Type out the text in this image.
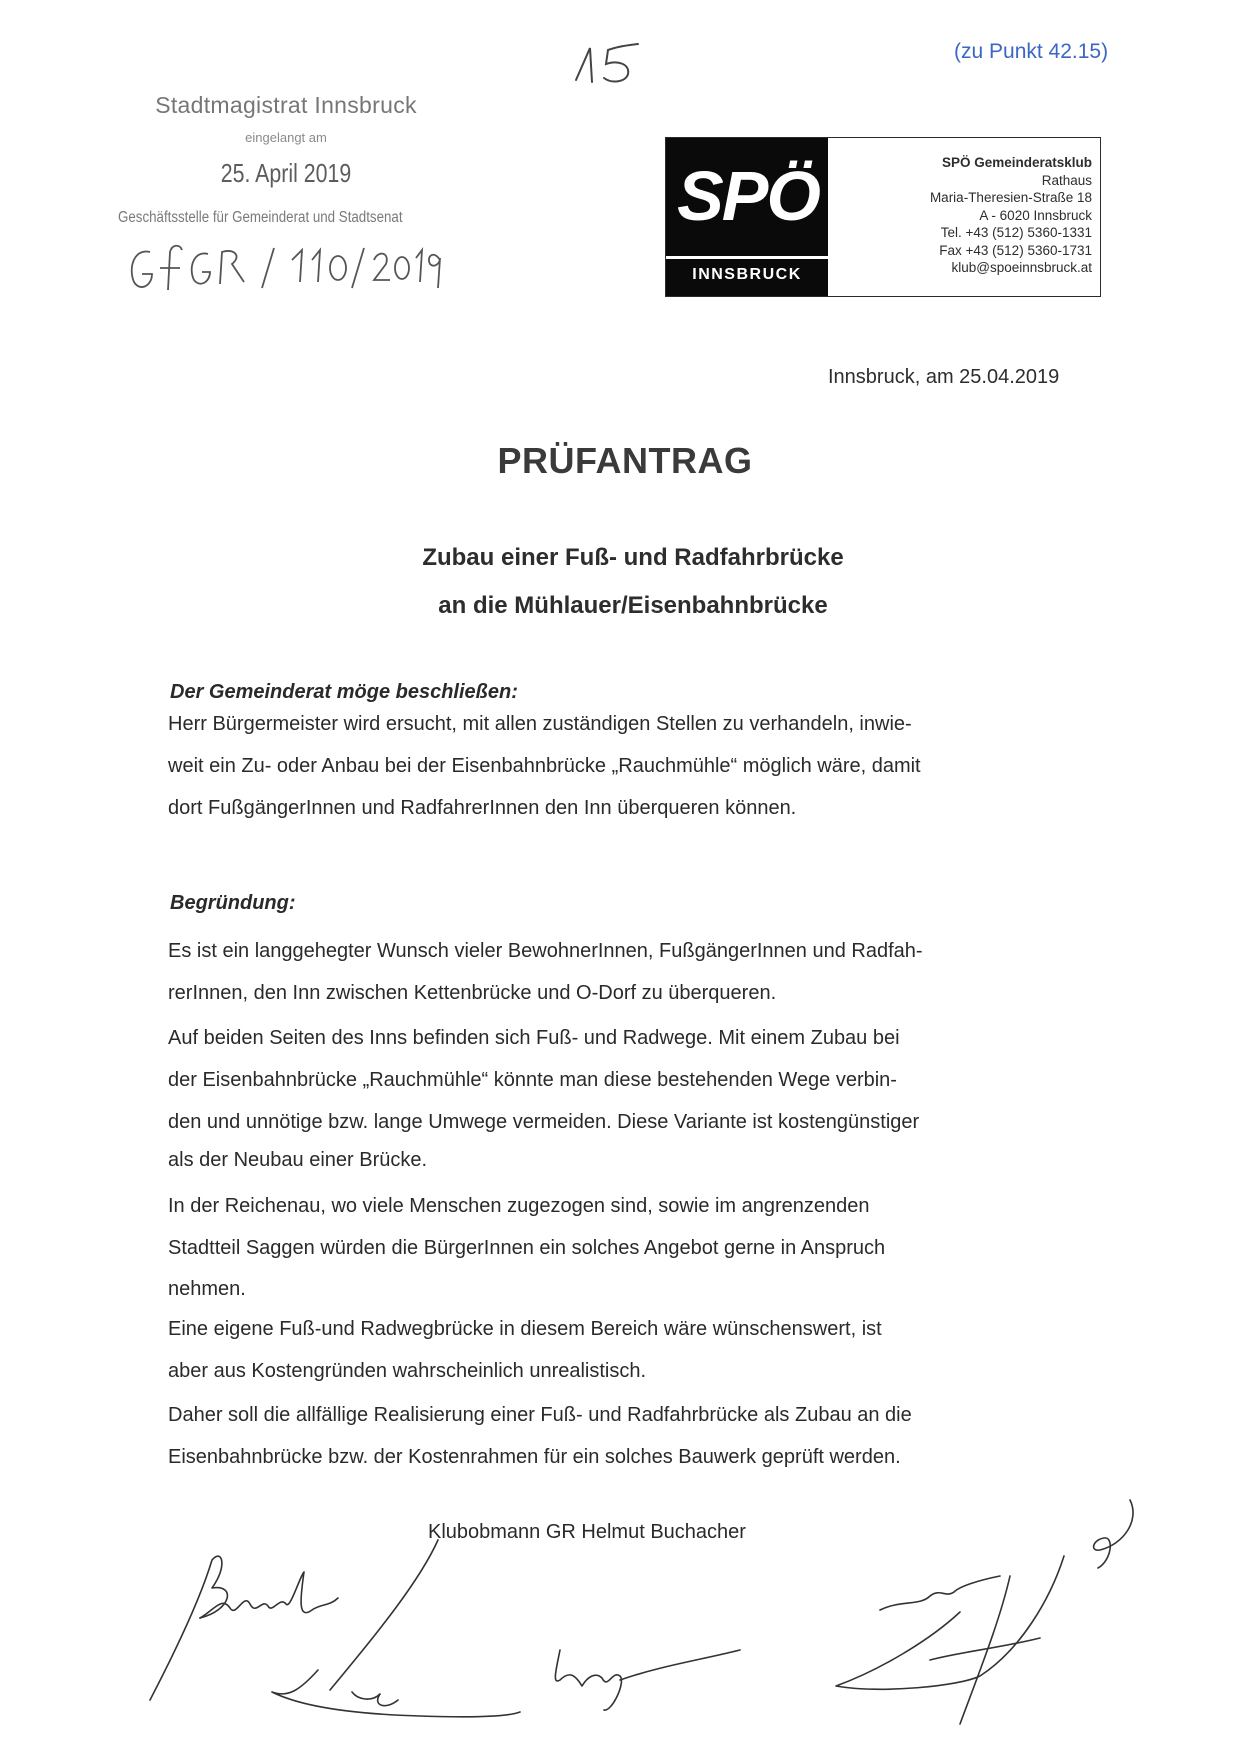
(zu Punkt 42.15)
Stadtmagistrat Innsbruck
eingelangt am
25. April 2019
Geschäftsstelle für Gemeinderat und Stadtsenat	SPÖ
INNSBRUCK
SPÖ Gemeinderatsklub
Rathaus
Maria-Theresien-Straße 18
A - 6020 Innsbruck
Tel. +43 (512) 5360-1331
Fax +43 (512) 5360-1731
klub@spoeinnsbruck.at
Innsbruck, am 25.04.2019
PRÜFANTRAG
Zubau einer Fuß- und Radfahrbrücke
an die Mühlauer/Eisenbahnbrücke
Der Gemeinderat möge beschließen:
Herr Bürgermeister wird ersucht, mit allen zuständigen Stellen zu verhandeln, inwie-
weit ein Zu- oder Anbau bei der Eisenbahnbrücke „Rauchmühle“ möglich wäre, damit
dort FußgängerInnen und RadfahrerInnen den Inn überqueren können.
Begründung:
Es ist ein langgehegter Wunsch vieler BewohnerInnen, FußgängerInnen und Radfah-
rerInnen, den Inn zwischen Kettenbrücke und O-Dorf zu überqueren.
Auf beiden Seiten des Inns befinden sich Fuß- und Radwege. Mit einem Zubau bei
der Eisenbahnbrücke „Rauchmühle“ könnte man diese bestehenden Wege verbin-
den und unnötige bzw. lange Umwege vermeiden. Diese Variante ist kostengünstiger
als der Neubau einer Brücke.
In der Reichenau, wo viele Menschen zugezogen sind, sowie im angrenzenden
Stadtteil Saggen würden die BürgerInnen ein solches Angebot gerne in Anspruch
nehmen.
Eine eigene Fuß-und Radwegbrücke in diesem Bereich wäre wünschenswert, ist
aber aus Kostengründen wahrscheinlich unrealistisch.
Daher soll die allfällige Realisierung einer Fuß- und Radfahrbrücke als Zubau an die
Eisenbahnbrücke bzw. der Kostenrahmen für ein solches Bauwerk geprüft werden.
Klubobmann GR Helmut Buchacher
